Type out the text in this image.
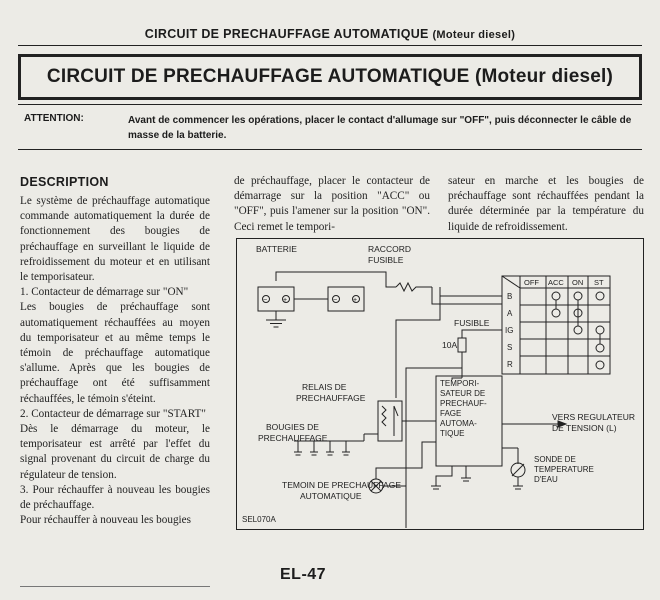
CIRCUIT DE PRECHAUFFAGE AUTOMATIQUE (Moteur diesel)
CIRCUIT DE PRECHAUFFAGE AUTOMATIQUE (Moteur diesel)
ATTENTION:	Avant de commencer les opérations, placer le contact d'allumage sur "OFF", puis déconnecter le câble de masse de la batterie.
DESCRIPTION

Le système de préchauffage automatique commande automatiquement la durée de fonctionnement des bougies de préchauffage en surveillant le liquide de refroidissement du moteur et en utilisant le temporisateur.

1. Contacteur de démarrage sur "ON"

Les bougies de préchauffage sont automatiquement réchauffées au moyen du temporisateur et au même temps le témoin de préchauffage automatique s'allume. Après que les bougies de préchauffage ont été suffisamment réchauffées, le témoin s'éteint.

2. Contacteur de démarrage sur "START"

Dès le démarrage du moteur, le temporisateur est arrêté par l'effet du signal provenant du circuit de charge du régulateur de tension.

3. Pour réchauffer à nouveau les bougies de préchauffage.

Pour réchauffer à nouveau les bougies

de préchauffage, placer le contacteur de démarrage sur la position "ACC" ou "OFF", puis l'amener sur la position "ON". Ceci remet le tempori-

sateur en marche et les bougies de préchauffage sont réchauffées pendant la durée déterminée par la température du liquide de refroidissement.

BATTERIE	RACCORD
FUSIBLE
− +	− +
OFF ACC ON ST
B
A
IG
S
R
FUSIBLE
10A
RELAIS DE
PRECHAUFFAGE
BOUGIES DE
PRECHAUFFAGE
TEMOIN DE PRECHAUFFAGE
AUTOMATIQUE
TEMPORI-
SATEUR DE
PRECHAUF-
FAGE
AUTOMA-
TIQUE
VERS REGULATEUR
DE TENSION (L)
SONDE DE
TEMPERATURE
D'EAU
SEL070A
EL-47
